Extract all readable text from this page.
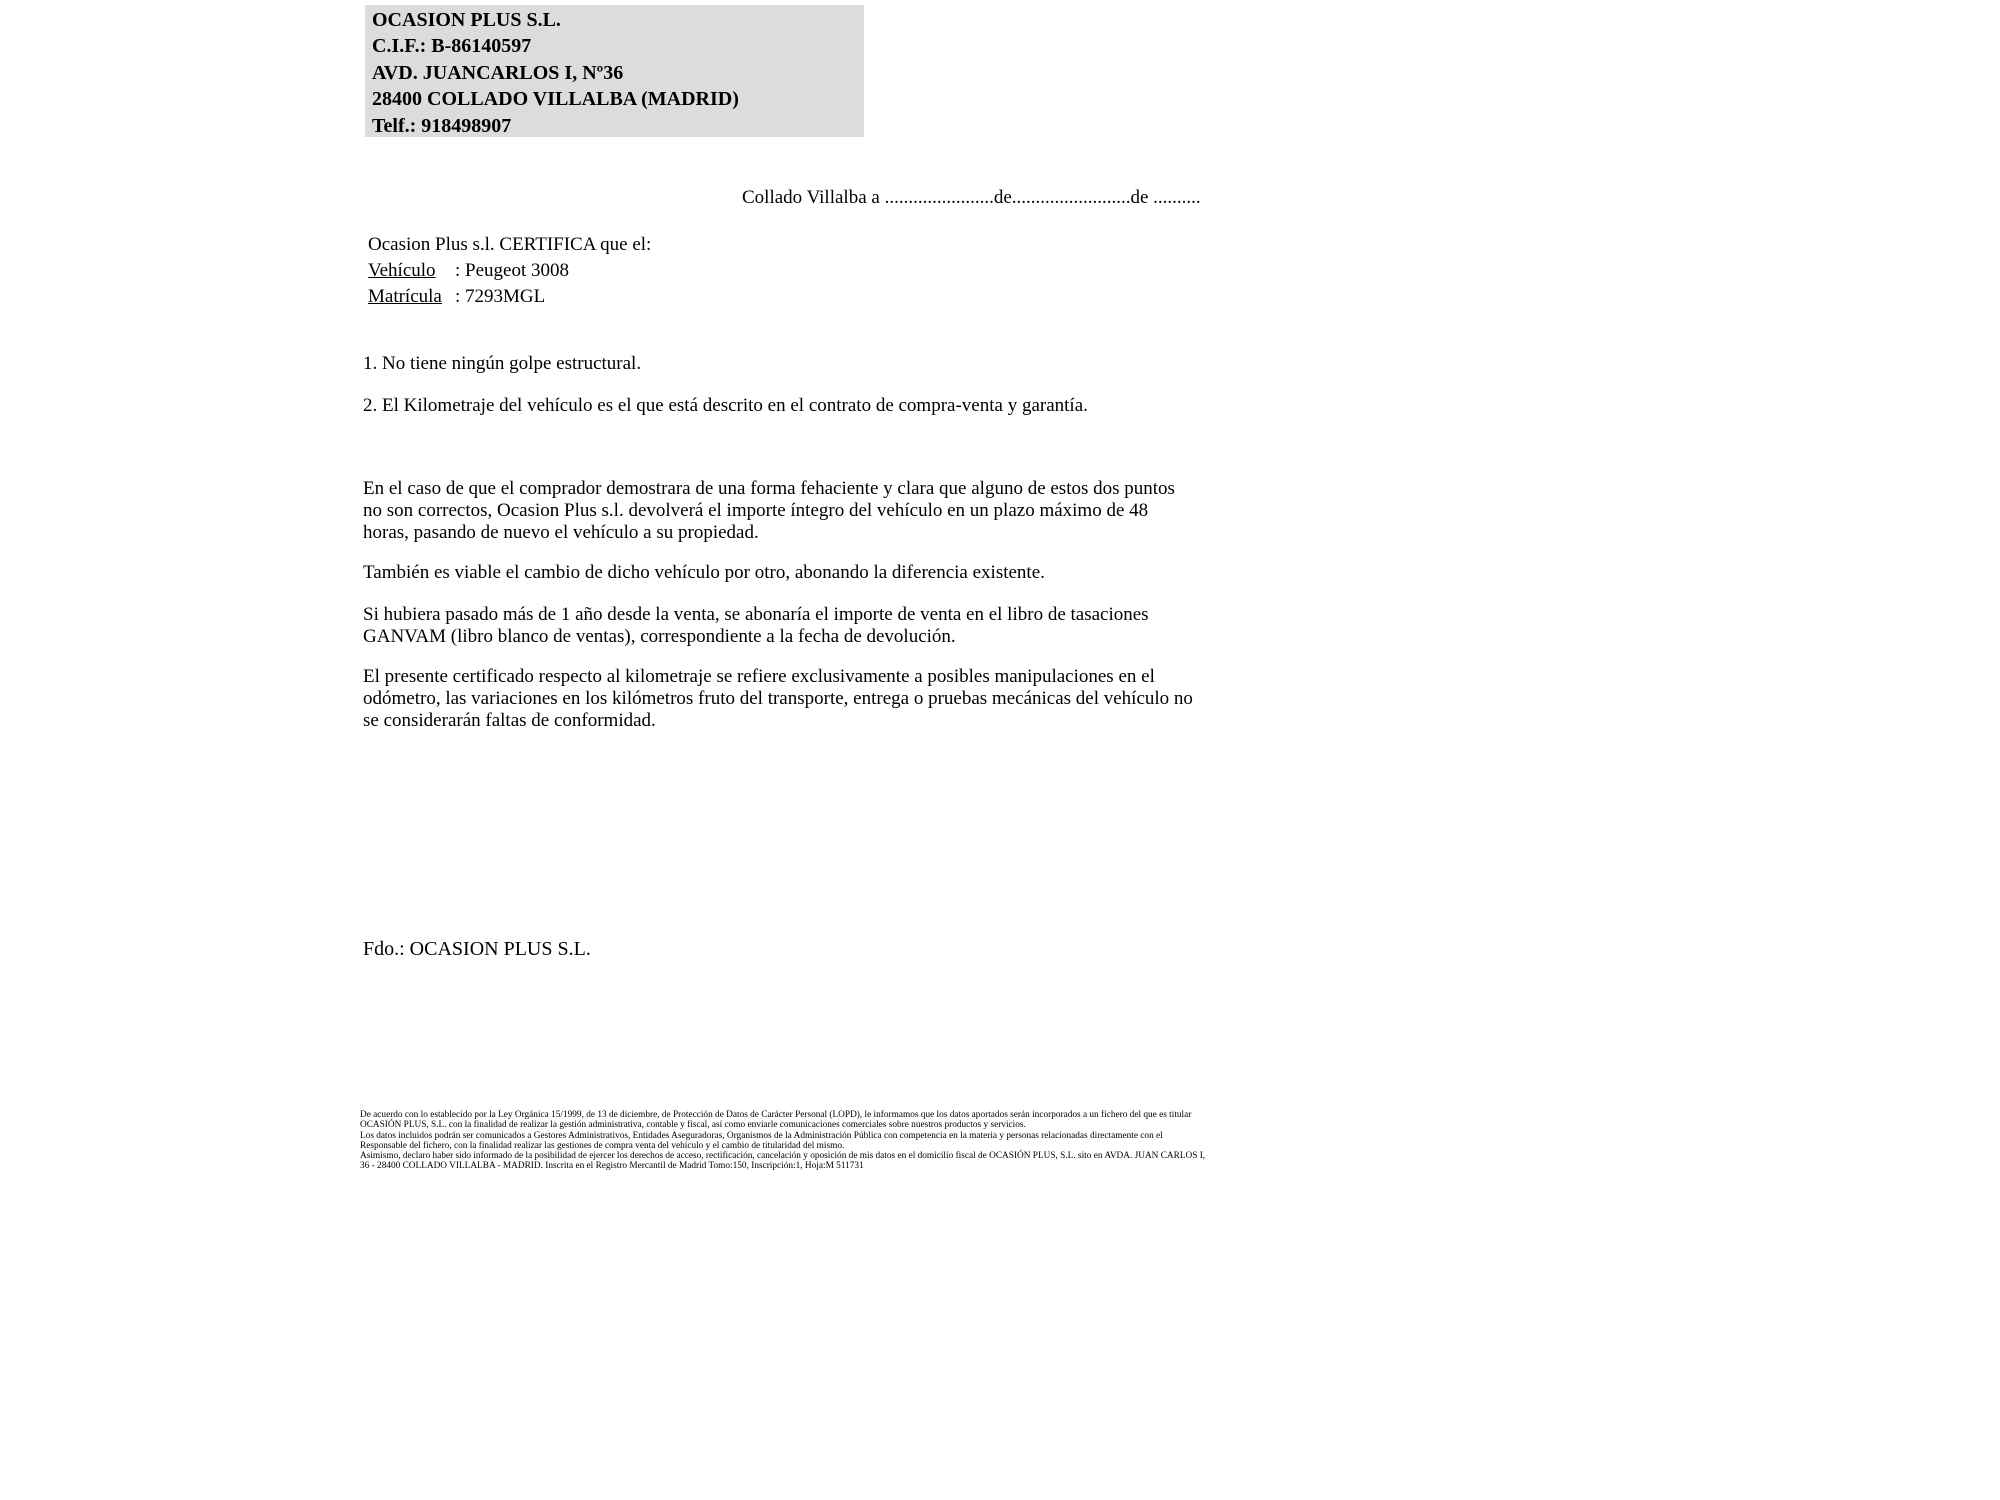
OCASION PLUS S.L.
C.I.F.: B-86140597
AVD. JUANCARLOS I, Nº36
28400 COLLADO VILLALBA (MADRID)
Telf.: 918498907
Collado Villalba a .......................de.........................de ..........
Ocasion Plus s.l. CERTIFICA que el:
Vehículo : Peugeot 3008
Matrícula : 7293MGL

1. No tiene ningún golpe estructural.

2. El Kilometraje del vehículo es el que está descrito en el contrato de compra-venta y garantía.

En el caso de que el comprador demostrara de una forma fehaciente y clara que alguno de estos dos puntos no son correctos, Ocasion Plus s.l. devolverá el importe íntegro del vehículo en un plazo máximo de 48 horas, pasando de nuevo el vehículo a su propiedad.

También es viable el cambio de dicho vehículo por otro, abonando la diferencia existente.

Si hubiera pasado más de 1 año desde la venta, se abonaría el importe de venta en el libro de tasaciones GANVAM (libro blanco de ventas), correspondiente a la fecha de devolución.

El presente certificado respecto al kilometraje se refiere exclusivamente a posibles manipulaciones en el odómetro, las variaciones en los kilómetros fruto del transporte, entrega o pruebas mecánicas del vehículo no se considerarán faltas de conformidad.

Fdo.: OCASION PLUS S.L.

De acuerdo con lo establecido por la Ley Orgánica 15/1999, de 13 de diciembre, de Protección de Datos de Carácter Personal (LOPD), le informamos que los datos aportados serán incorporados a un fichero del que es titular OCASIÓN PLUS, S.L. con la finalidad de realizar la gestión administrativa, contable y fiscal, así como enviarle comunicaciones comerciales sobre nuestros productos y servicios.
Los datos incluidos podrán ser comunicados a Gestores Administrativos, Entidades Aseguradoras, Organismos de la Administración Pública con competencia en la materia y personas relacionadas directamente con el Responsable del fichero, con la finalidad realizar las gestiones de compra venta del vehículo y el cambio de titularidad del mismo.
Asimismo, declaro haber sido informado de la posibilidad de ejercer los derechos de acceso, rectificación, cancelación y oposición de mis datos en el domicilio fiscal de OCASIÓN PLUS, S.L. sito en AVDA. JUAN CARLOS I, 36 - 28400 COLLADO VILLALBA - MADRID. Inscrita en el Registro Mercantil de Madrid Tomo:150, Inscripción:1, Hoja:M 511731
